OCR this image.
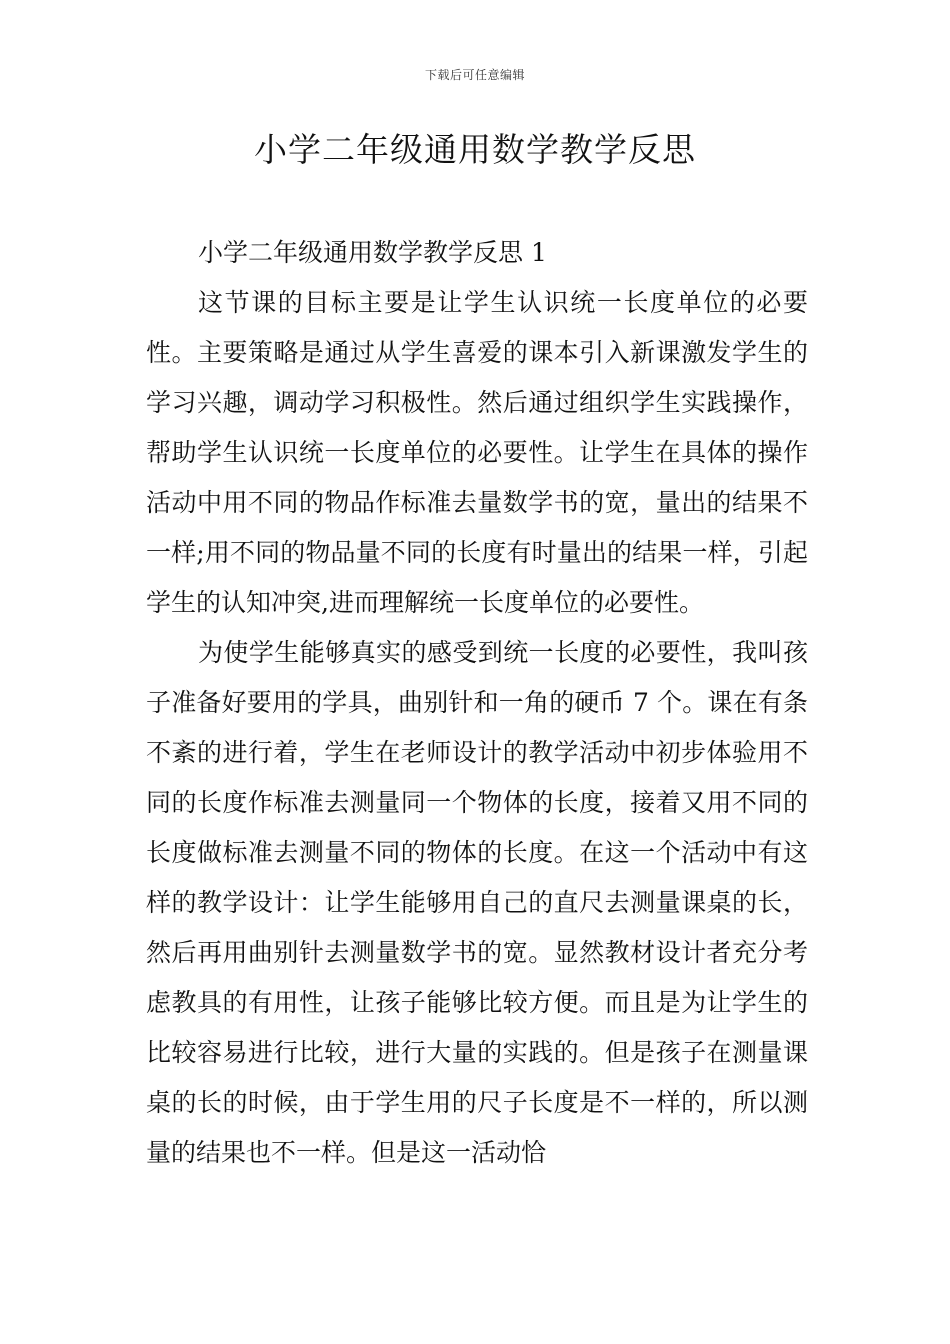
下载后可任意编辑
小学二年级通用数学教学反思

小学二年级通用数学教学反思 1

这节课的目标主要是让学生认识统一长度单位的必要性。主要策略是通过从学生喜爱的课本引入新课激发学生的学习兴趣，调动学习积极性。然后通过组织学生实践操作，帮助学生认识统一长度单位的必要性。让学生在具体的操作活动中用不同的物品作标准去量数学书的宽，量出的结果不一样;用不同的物品量不同的长度有时量出的结果一样，引起学生的认知冲突,进而理解统一长度单位的必要性。

为使学生能够真实的感受到统一长度的必要性，我叫孩子准备好要用的学具，曲别针和一角的硬币 7 个。课在有条不紊的进行着，学生在老师设计的教学活动中初步体验用不同的长度作标准去测量同一个物体的长度，接着又用不同的长度做标准去测量不同的物体的长度。在这一个活动中有这样的教学设计：让学生能够用自己的直尺去测量课桌的长，然后再用曲别针去测量数学书的宽。显然教材设计者充分考虑教具的有用性，让孩子能够比较方便。而且是为让学生的比较容易进行比较，进行大量的实践的。但是孩子在测量课桌的长的时候，由于学生用的尺子长度是不一样的，所以测量的结果也不一样。但是这一活动恰
